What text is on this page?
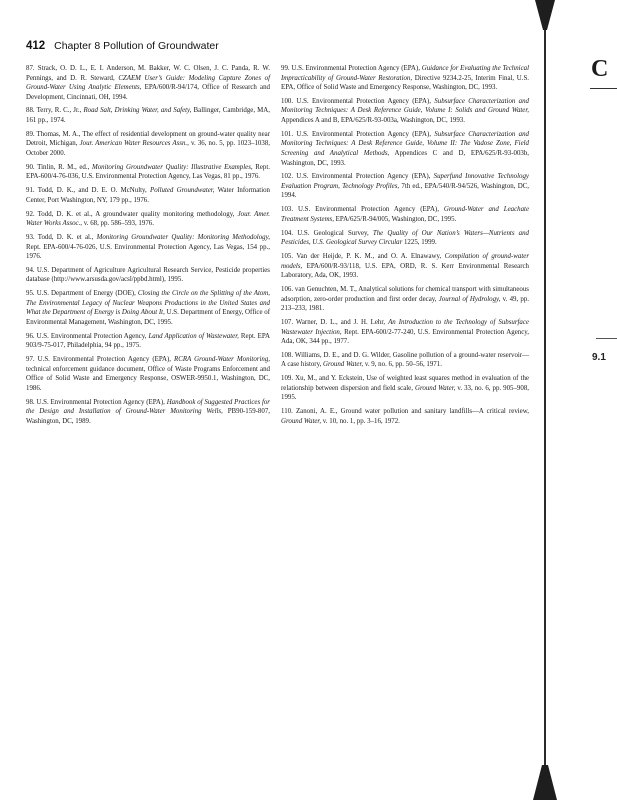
412 Chapter 8 Pollution of Groundwater

87. Strack, O. D. L., E. I. Anderson, M. Bakker, W. C. Olsen, J. C. Panda, R. W. Pennings, and D. R. Steward, CZAEM User’s Guide: Modeling Capture Zones of Ground-Water Using Analytic Elements, EPA/600/R-94/174, Office of Research and Development, Cincinnati, OH, 1994.

88. Terry, R. C., Jr., Road Salt, Drinking Water, and Safety, Ballinger, Cambridge, MA, 161 pp., 1974.

89. Thomas, M. A., The effect of residential development on ground-water quality near Detroit, Michigan, Jour. American Water Resources Assn., v. 36, no. 5, pp. 1023–1038, October 2000.

90. Tinlin, R. M., ed., Monitoring Groundwater Quality: Illustrative Examples, Rept. EPA-600/4-76-036, U.S. Environmental Protection Agency, Las Vegas, 81 pp., 1976.

91. Todd, D. K., and D. E. O. McNulty, Polluted Groundwater, Water Information Center, Port Washington, NY, 179 pp., 1976.

92. Todd, D. K. et al., A groundwater quality monitoring methodology, Jour. Amer. Water Works Assoc., v. 68, pp. 586–593, 1976.

93. Todd, D. K. et al., Monitoring Groundwater Quality: Monitoring Methodology, Rept. EPA-600/4-76-026, U.S. Environmental Protection Agency, Las Vegas, 154 pp., 1976.

94. U.S. Department of Agriculture Agricultural Research Service, Pesticide properties database (http://www.arsusda.gov/acsl/ppbd.html), 1995.

95. U.S. Department of Energy (DOE), Closing the Circle on the Splitting of the Atom, The Environmental Legacy of Nuclear Weapons Productions in the United States and What the Department of Energy is Doing About It, U.S. Department of Energy, Office of Environmental Management, Washington, DC, 1995.

96. U.S. Environmental Protection Agency, Land Application of Wastewater, Rept. EPA 903/9-75-017, Philadelphia, 94 pp., 1975.

97. U.S. Environmental Protection Agency (EPA), RCRA Ground-Water Monitoring, technical enforcement guidance document, Office of Waste Programs Enforcement and Office of Solid Waste and Emergency Response, OSWER-9950.1, Washington, DC, 1986.

98. U.S. Environmental Protection Agency (EPA), Handbook of Suggested Practices for the Design and Installation of Ground-Water Monitoring Wells, PB90-159-807, Washington, DC, 1989.

99. U.S. Environmental Protection Agency (EPA), Guidance for Evaluating the Technical Impracticability of Ground-Water Restoration, Directive 9234.2-25, Interim Final, U.S. EPA, Office of Solid Waste and Emergency Response, Washington, DC, 1993.

100. U.S. Environmental Protection Agency (EPA), Subsurface Characterization and Monitoring Techniques: A Desk Reference Guide, Volume I: Solids and Ground Water, Appendices A and B, EPA/625/R-93-003a, Washington, DC, 1993.

101. U.S. Environmental Protection Agency (EPA), Subsurface Characterization and Monitoring Techniques: A Desk Reference Guide, Volume II: The Vadose Zone, Field Screening and Analytical Methods, Appendices C and D, EPA/625/R-93-003b, Washington, DC, 1993.

102. U.S. Environmental Protection Agency (EPA), Superfund Innovative Technology Evaluation Program, Technology Profiles, 7th ed., EPA/540/R-94/526, Washington, DC, 1994.

103. U.S. Environmental Protection Agency (EPA), Ground-Water and Leachate Treatment Systems, EPA/625/R-94/005, Washington, DC, 1995.

104. U.S. Geological Survey, The Quality of Our Nation’s Waters—Nutrients and Pesticides, U.S. Geological Survey Circular 1225, 1999.

105. Van der Heijde, P. K. M., and O. A. Elnawawy, Compilation of ground-water models, EPA/600/R-93/118, U.S. EPA, ORD, R. S. Kerr Environmental Research Laboratory, Ada, OK, 1993.

106. van Genuchten, M. T., Analytical solutions for chemical transport with simultaneous adsorption, zero-order production and first order decay, Journal of Hydrology, v. 49, pp. 213–233, 1981.

107. Warner, D. L., and J. H. Lehr, An Introduction to the Technology of Subsurface Wastewater Injection, Rept. EPA-600/2-77-240, U.S. Environmental Protection Agency, Ada, OK, 344 pp., 1977.

108. Williams, D. E., and D. G. Wilder, Gasoline pollution of a ground-water reservoir—A case history, Ground Water, v. 9, no. 6, pp. 50–56, 1971.

109. Xu, M., and Y. Eckstein, Use of weighted least squares method in evaluation of the relationship between dispersion and field scale, Ground Water, v. 33, no. 6, pp. 905–908, 1995.

110. Zanoni, A. E., Ground water pollution and sanitary landfills—A critical review, Ground Water, v. 10, no. 1, pp. 3–16, 1972.

C
9.1
